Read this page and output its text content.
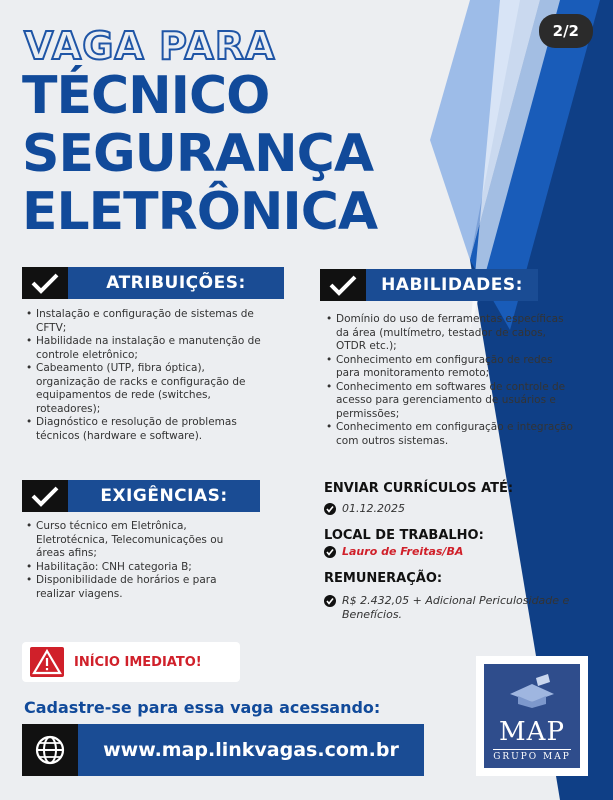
2/2
VAGA PARA
TÉCNICO
SEGURANÇA
ELETRÔNICA
ATRIBUIÇÕES:
• Instalação e configuração de sistemas de CFTV;
• Habilidade na instalação e manutenção de controle eletrônico;
• Cabeamento (UTP, fibra óptica), organização de racks e configuração de equipamentos de rede (switches, roteadores);
• Diagnóstico e resolução de problemas técnicos (hardware e software).
HABILIDADES:
• Domínio do uso de ferramentas específicas da área (multímetro, testador de cabos, OTDR etc.);
• Conhecimento em configuração de redes para monitoramento remoto;
• Conhecimento em softwares de controle de acesso para gerenciamento de usuários e permissões;
• Conhecimento em configuração e integração com outros sistemas.
EXIGÊNCIAS:
• Curso técnico em Eletrônica, Eletrotécnica, Telecomunicações ou áreas afins;
• Habilitação: CNH categoria B;
• Disponibilidade de horários e para realizar viagens.
ENVIAR CURRÍCULOS ATÉ:
01.12.2025
LOCAL DE TRABALHO:
Lauro de Freitas/BA
REMUNERAÇÃO:
R$ 2.432,05 + Adicional Periculosidade e Benefícios.
INÍCIO IMEDIATO!
Cadastre-se para essa vaga acessando:
www.map.linkvagas.com.br
MAP
GRUPO MAP
